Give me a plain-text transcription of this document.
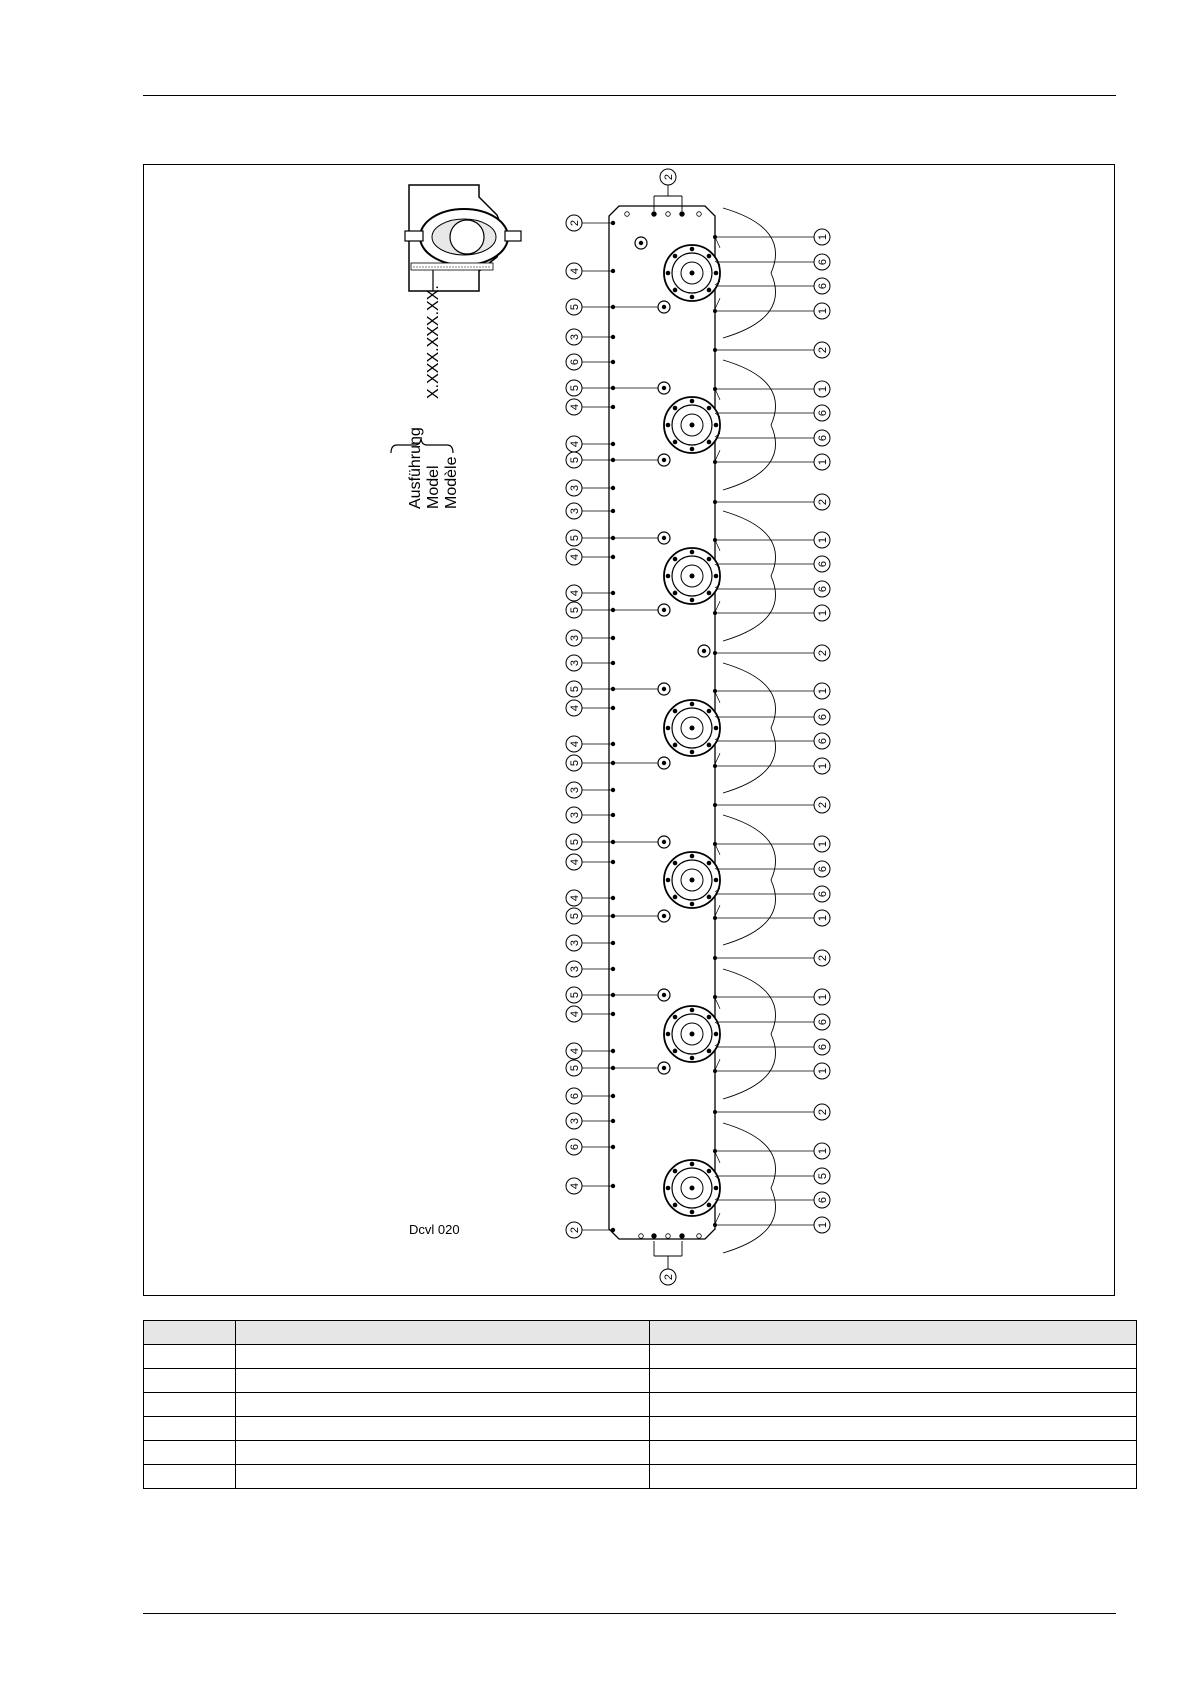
X.XXX.XXX.XX.
Ausführung Model Modèle
Dcvl 020
2
4
5
3
6
5
4
4
5
3
3
5
4
4
5
3
3
5
4
4
5
3
3
5
4
4
5
3
3
5
4
4
5
6
3
6
4
2
1
6
6
1
2
1
6
6
1
2
1
6
6
1
2
1
6
6
1
2
1
6
6
1
2
1
6
6
1
2
1
5
6
1
2
2
